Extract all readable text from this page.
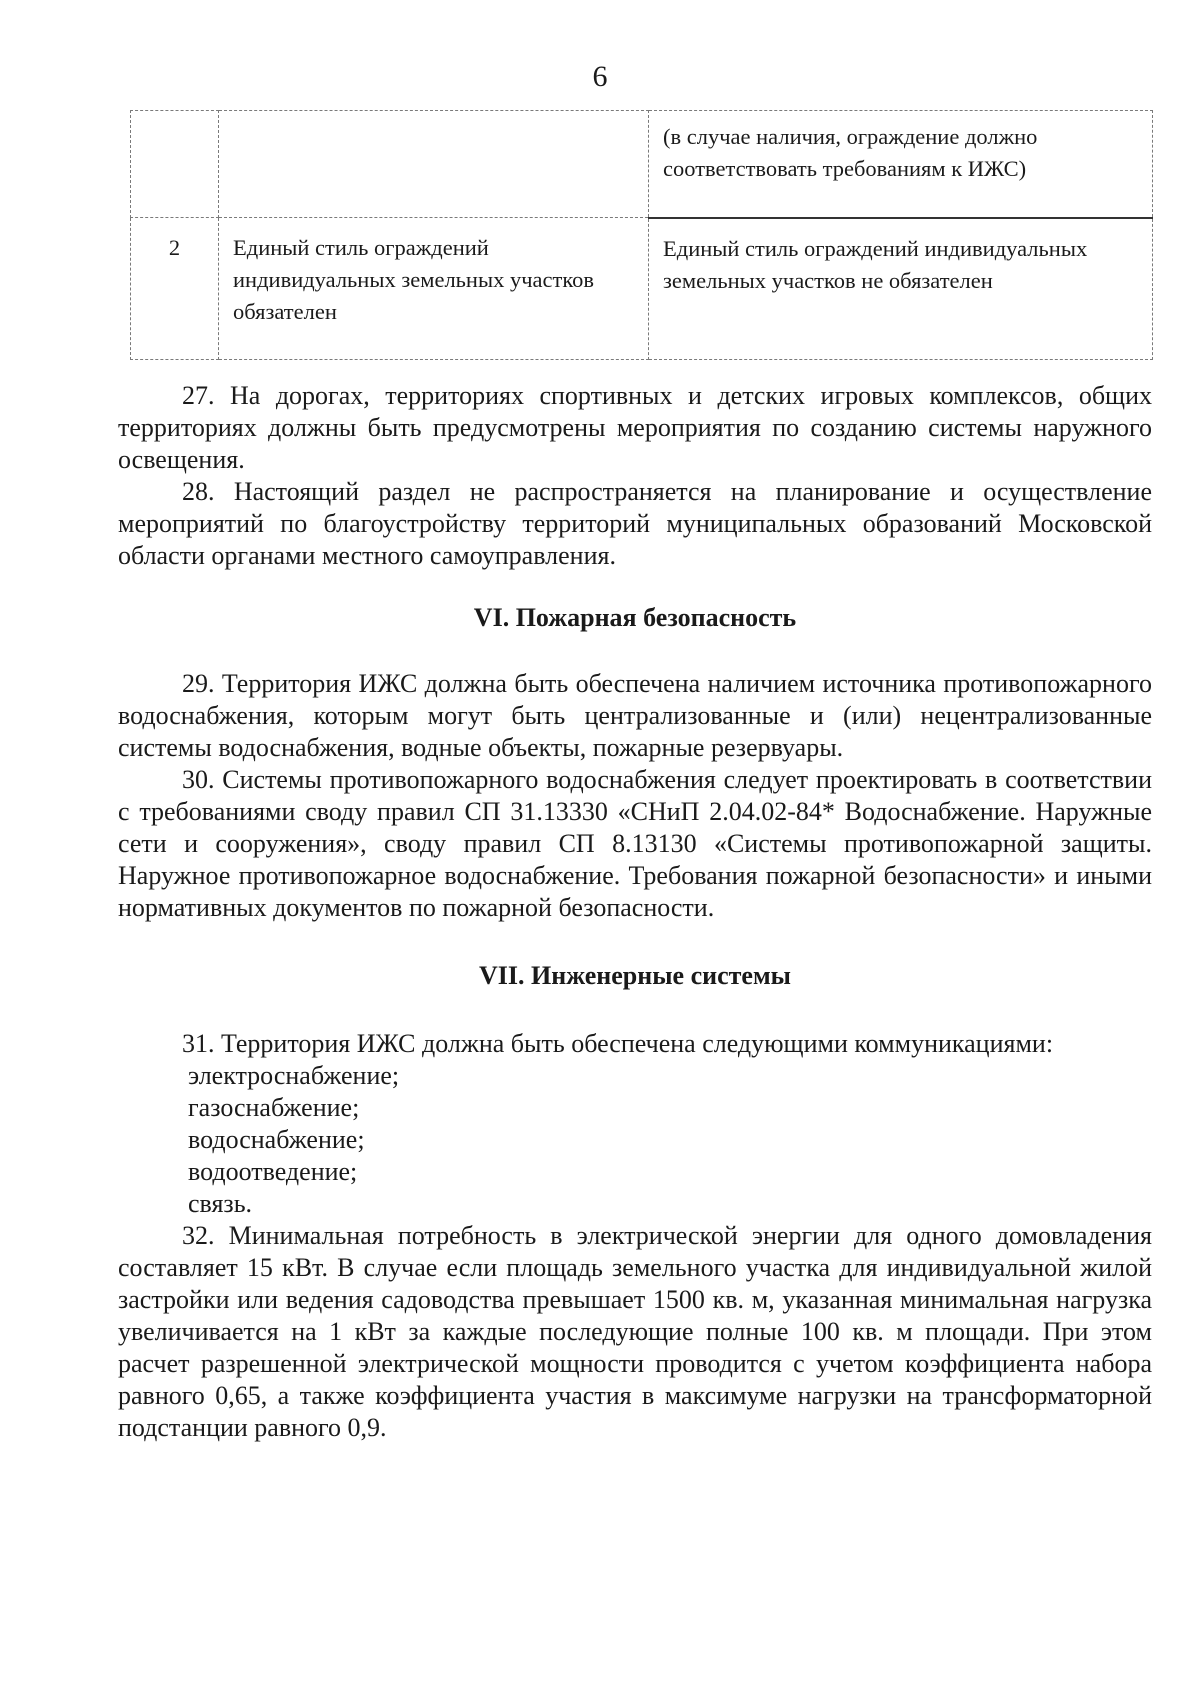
6
		(в случае наличия, ограждение должно соответствовать требованиям к ИЖС)
2	Единый стиль ограждений индивидуальных земельных участков обязателен	Единый стиль ограждений индивидуальных земельных участков не обязателен

27. На дорогах, территориях спортивных и детских игровых комплексов, общих территориях должны быть предусмотрены мероприятия по созданию системы наружного освещения.

28. Настоящий раздел не распространяется на планирование и осуществление мероприятий по благоустройству территорий муниципальных образований Московской области органами местного самоуправления.

VI. Пожарная безопасность

29. Территория ИЖС должна быть обеспечена наличием источника противопожарного водоснабжения, которым могут быть централизованные и (или) нецентрализованные системы водоснабжения, водные объекты, пожарные резервуары.

30. Системы противопожарного водоснабжения следует проектировать в соответствии с требованиями своду правил СП 31.13330 «СНиП 2.04.02-84* Водоснабжение. Наружные сети и сооружения», своду правил СП 8.13130 «Системы противопожарной защиты. Наружное противопожарное водоснабжение. Требования пожарной безопасности» и иными нормативных документов по пожарной безопасности.

VII. Инженерные системы

31. Территория ИЖС должна быть обеспечена следующими коммуникациями:

электроснабжение;

газоснабжение;

водоснабжение;

водоотведение;

связь.

32. Минимальная потребность в электрической энергии для одного домовладения составляет 15 кВт. В случае если площадь земельного участка для индивидуальной жилой застройки или ведения садоводства превышает 1500 кв. м, указанная минимальная нагрузка увеличивается на 1 кВт за каждые последующие полные 100 кв. м площади. При этом расчет разрешенной электрической мощности проводится с учетом коэффициента набора равного 0,65, а также коэффициента участия в максимуме нагрузки на трансформаторной подстанции равного 0,9.
